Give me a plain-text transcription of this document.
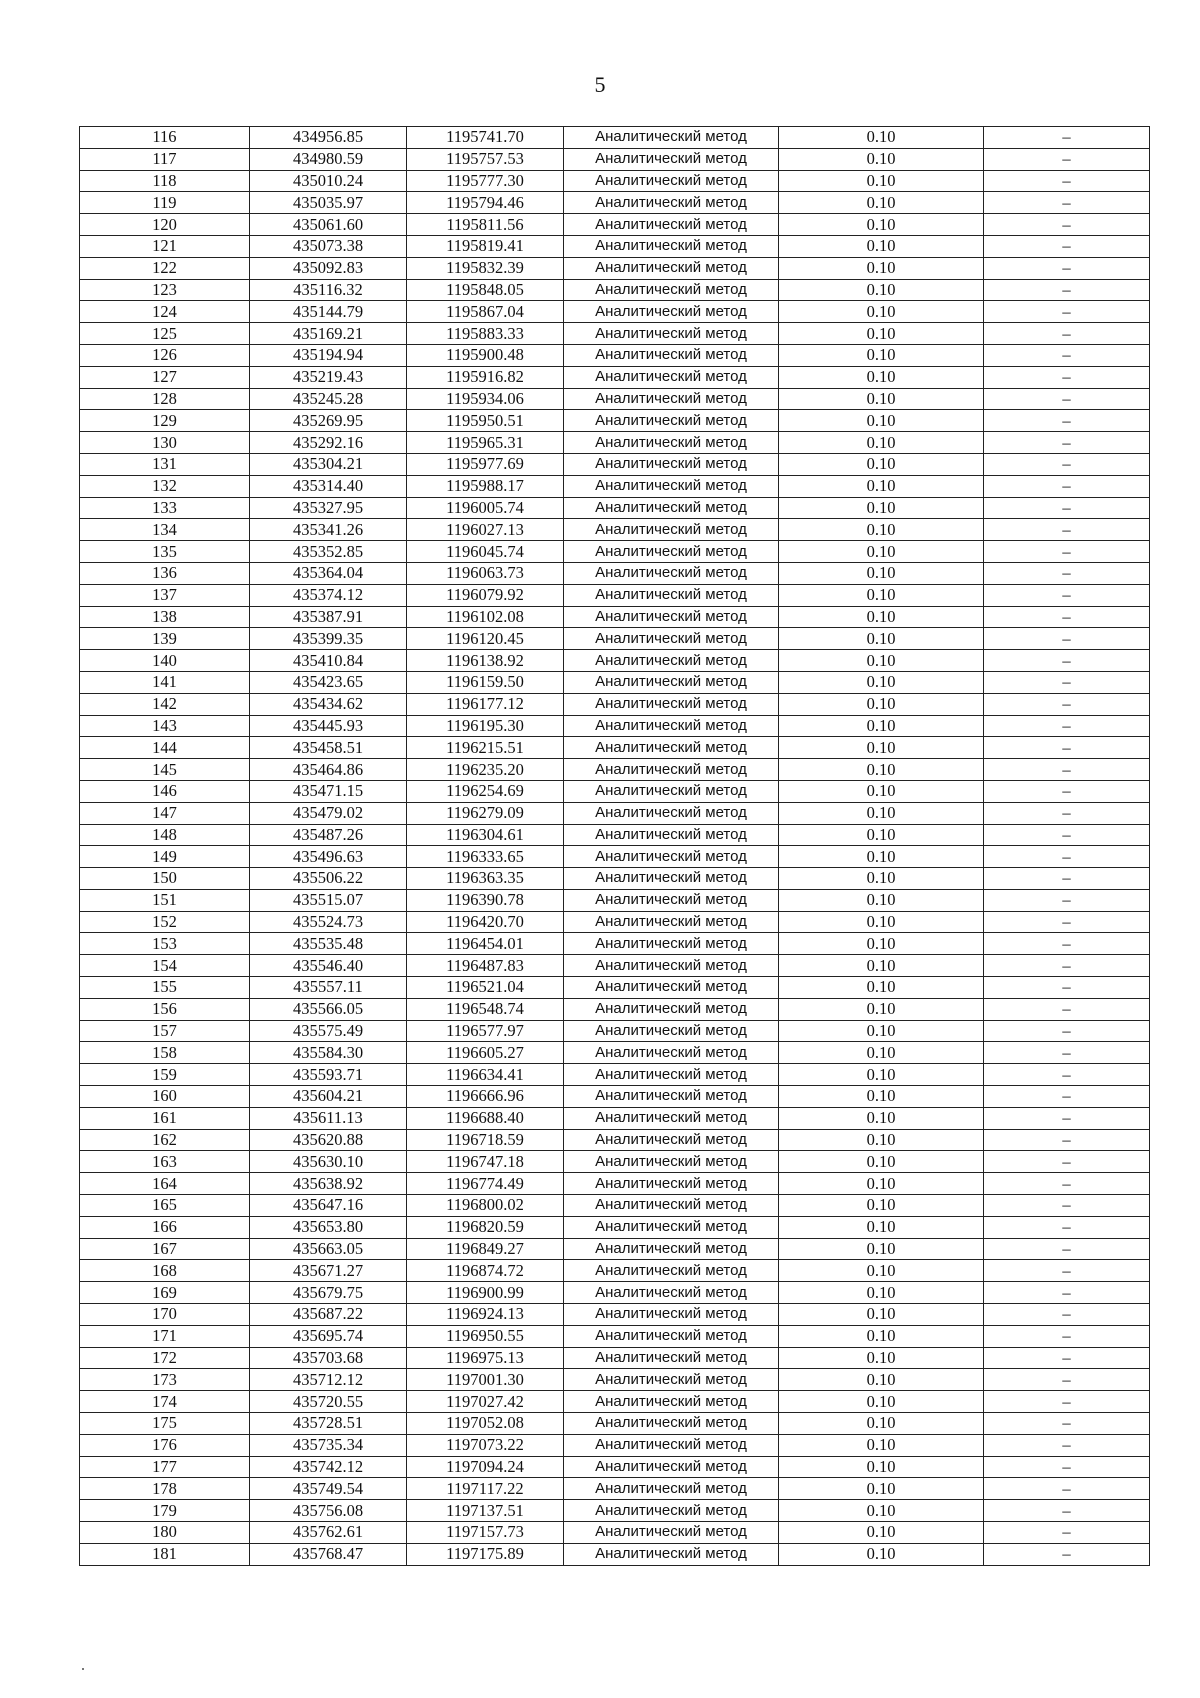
5
116	434956.85	1195741.70	Аналитический метод	0.10	–
117	434980.59	1195757.53	Аналитический метод	0.10	–
118	435010.24	1195777.30	Аналитический метод	0.10	–
119	435035.97	1195794.46	Аналитический метод	0.10	–
120	435061.60	1195811.56	Аналитический метод	0.10	–
121	435073.38	1195819.41	Аналитический метод	0.10	–
122	435092.83	1195832.39	Аналитический метод	0.10	–
123	435116.32	1195848.05	Аналитический метод	0.10	–
124	435144.79	1195867.04	Аналитический метод	0.10	–
125	435169.21	1195883.33	Аналитический метод	0.10	–
126	435194.94	1195900.48	Аналитический метод	0.10	–
127	435219.43	1195916.82	Аналитический метод	0.10	–
128	435245.28	1195934.06	Аналитический метод	0.10	–
129	435269.95	1195950.51	Аналитический метод	0.10	–
130	435292.16	1195965.31	Аналитический метод	0.10	–
131	435304.21	1195977.69	Аналитический метод	0.10	–
132	435314.40	1195988.17	Аналитический метод	0.10	–
133	435327.95	1196005.74	Аналитический метод	0.10	–
134	435341.26	1196027.13	Аналитический метод	0.10	–
135	435352.85	1196045.74	Аналитический метод	0.10	–
136	435364.04	1196063.73	Аналитический метод	0.10	–
137	435374.12	1196079.92	Аналитический метод	0.10	–
138	435387.91	1196102.08	Аналитический метод	0.10	–
139	435399.35	1196120.45	Аналитический метод	0.10	–
140	435410.84	1196138.92	Аналитический метод	0.10	–
141	435423.65	1196159.50	Аналитический метод	0.10	–
142	435434.62	1196177.12	Аналитический метод	0.10	–
143	435445.93	1196195.30	Аналитический метод	0.10	–
144	435458.51	1196215.51	Аналитический метод	0.10	–
145	435464.86	1196235.20	Аналитический метод	0.10	–
146	435471.15	1196254.69	Аналитический метод	0.10	–
147	435479.02	1196279.09	Аналитический метод	0.10	–
148	435487.26	1196304.61	Аналитический метод	0.10	–
149	435496.63	1196333.65	Аналитический метод	0.10	–
150	435506.22	1196363.35	Аналитический метод	0.10	–
151	435515.07	1196390.78	Аналитический метод	0.10	–
152	435524.73	1196420.70	Аналитический метод	0.10	–
153	435535.48	1196454.01	Аналитический метод	0.10	–
154	435546.40	1196487.83	Аналитический метод	0.10	–
155	435557.11	1196521.04	Аналитический метод	0.10	–
156	435566.05	1196548.74	Аналитический метод	0.10	–
157	435575.49	1196577.97	Аналитический метод	0.10	–
158	435584.30	1196605.27	Аналитический метод	0.10	–
159	435593.71	1196634.41	Аналитический метод	0.10	–
160	435604.21	1196666.96	Аналитический метод	0.10	–
161	435611.13	1196688.40	Аналитический метод	0.10	–
162	435620.88	1196718.59	Аналитический метод	0.10	–
163	435630.10	1196747.18	Аналитический метод	0.10	–
164	435638.92	1196774.49	Аналитический метод	0.10	–
165	435647.16	1196800.02	Аналитический метод	0.10	–
166	435653.80	1196820.59	Аналитический метод	0.10	–
167	435663.05	1196849.27	Аналитический метод	0.10	–
168	435671.27	1196874.72	Аналитический метод	0.10	–
169	435679.75	1196900.99	Аналитический метод	0.10	–
170	435687.22	1196924.13	Аналитический метод	0.10	–
171	435695.74	1196950.55	Аналитический метод	0.10	–
172	435703.68	1196975.13	Аналитический метод	0.10	–
173	435712.12	1197001.30	Аналитический метод	0.10	–
174	435720.55	1197027.42	Аналитический метод	0.10	–
175	435728.51	1197052.08	Аналитический метод	0.10	–
176	435735.34	1197073.22	Аналитический метод	0.10	–
177	435742.12	1197094.24	Аналитический метод	0.10	–
178	435749.54	1197117.22	Аналитический метод	0.10	–
179	435756.08	1197137.51	Аналитический метод	0.10	–
180	435762.61	1197157.73	Аналитический метод	0.10	–
181	435768.47	1197175.89	Аналитический метод	0.10	–
